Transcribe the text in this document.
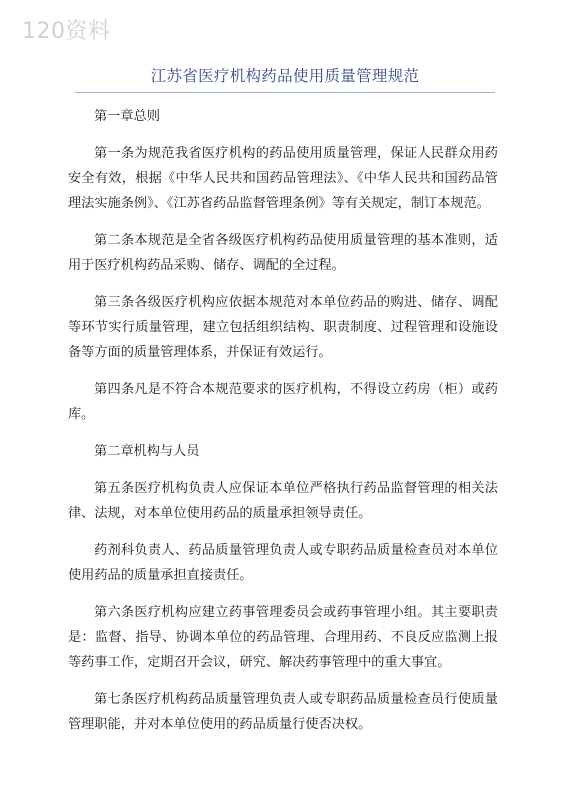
120资料
江苏省医疗机构药品使用质量管理规范

第一章总则

第一条为规范我省医疗机构的药品使用质量管理，保证人民群众用药安全有效，根据《中华人民共和国药品管理法》、《中华人民共和国药品管理法实施条例》、《江苏省药品监督管理条例》等有关规定，制订本规范。

第二条本规范是全省各级医疗机构药品使用质量管理的基本准则，适用于医疗机构药品采购、储存、调配的全过程。

第三条各级医疗机构应依据本规范对本单位药品的购进、储存、调配等环节实行质量管理，建立包括组织结构、职责制度、过程管理和设施设备等方面的质量管理体系，并保证有效运行。

第四条凡是不符合本规范要求的医疗机构，不得设立药房（柜）或药库。

第二章机构与人员

第五条医疗机构负责人应保证本单位严格执行药品监督管理的相关法律、法规，对本单位使用药品的质量承担领导责任。

药剂科负责人、药品质量管理负责人或专职药品质量检查员对本单位使用药品的质量承担直接责任。

第六条医疗机构应建立药事管理委员会或药事管理小组。其主要职责是：监督、指导、协调本单位的药品管理、合理用药、不良反应监测上报等药事工作，定期召开会议，研究、解决药事管理中的重大事宜。

第七条医疗机构药品质量管理负责人或专职药品质量检查员行使质量管理职能，并对本单位使用的药品质量行使否决权。
